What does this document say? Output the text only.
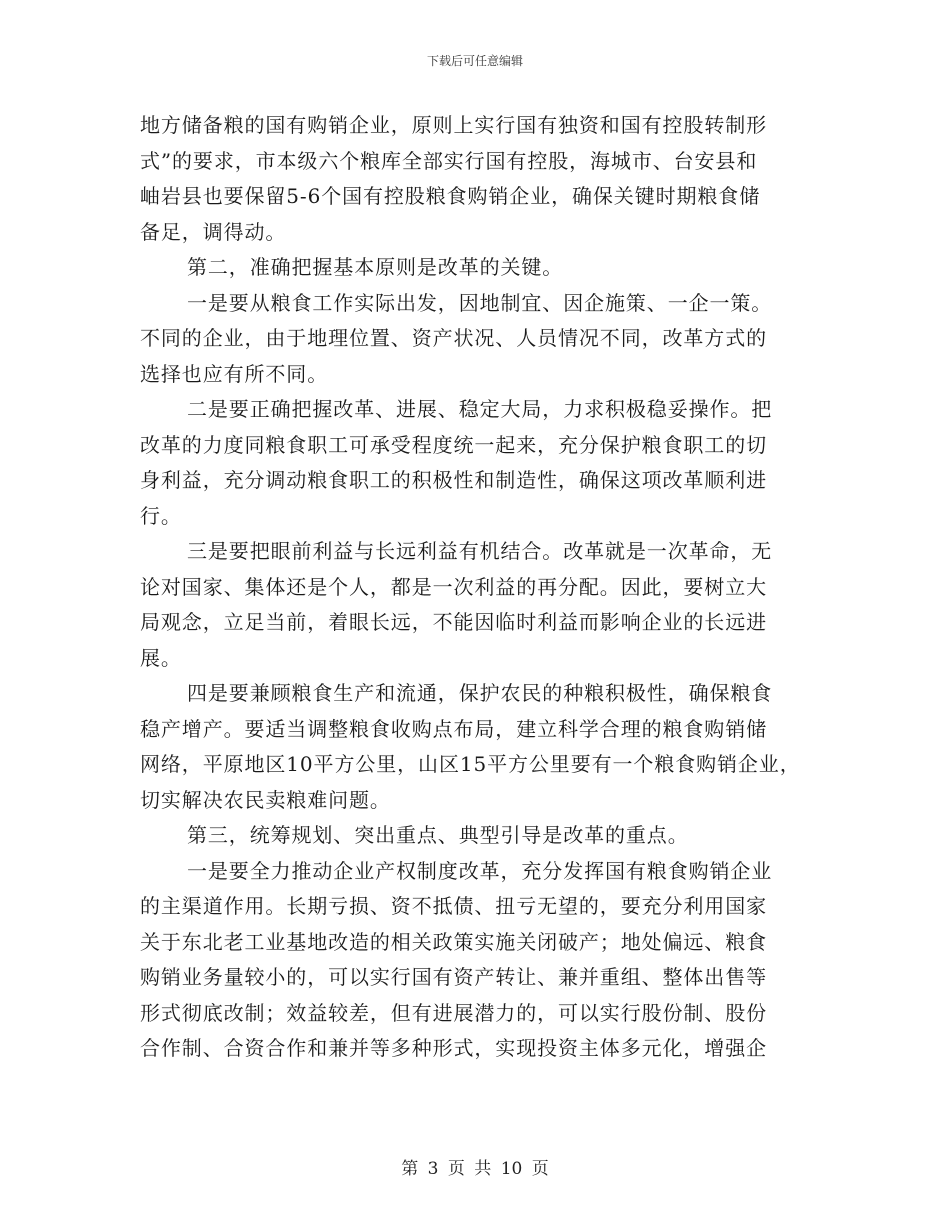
下载后可任意编辑
地方储备粮的国有购销企业，原则上实行国有独资和国有控股转制形
式”的要求，市本级六个粮库全部实行国有控股，海城市、台安县和
岫岩县也要保留5-6个国有控股粮食购销企业，确保关键时期粮食储
备足，调得动。
第二，准确把握基本原则是改革的关键。
一是要从粮食工作实际出发，因地制宜、因企施策、一企一策。
不同的企业，由于地理位置、资产状况、人员情况不同，改革方式的
选择也应有所不同。
二是要正确把握改革、进展、稳定大局，力求积极稳妥操作。把
改革的力度同粮食职工可承受程度统一起来，充分保护粮食职工的切
身利益，充分调动粮食职工的积极性和制造性，确保这项改革顺利进
行。
三是要把眼前利益与长远利益有机结合。改革就是一次革命，无
论对国家、集体还是个人，都是一次利益的再分配。因此，要树立大
局观念，立足当前，着眼长远，不能因临时利益而影响企业的长远进
展。
四是要兼顾粮食生产和流通，保护农民的种粮积极性，确保粮食
稳产增产。要适当调整粮食收购点布局，建立科学合理的粮食购销储
网络，平原地区10平方公里，山区15平方公里要有一个粮食购销企业，
切实解决农民卖粮难问题。
第三，统筹规划、突出重点、典型引导是改革的重点。
一是要全力推动企业产权制度改革，充分发挥国有粮食购销企业
的主渠道作用。长期亏损、资不抵债、扭亏无望的，要充分利用国家
关于东北老工业基地改造的相关政策实施关闭破产；地处偏远、粮食
购销业务量较小的，可以实行国有资产转让、兼并重组、整体出售等
形式彻底改制；效益较差，但有进展潜力的，可以实行股份制、股份
合作制、合资合作和兼并等多种形式，实现投资主体多元化，增强企
第 3 页 共 10 页
